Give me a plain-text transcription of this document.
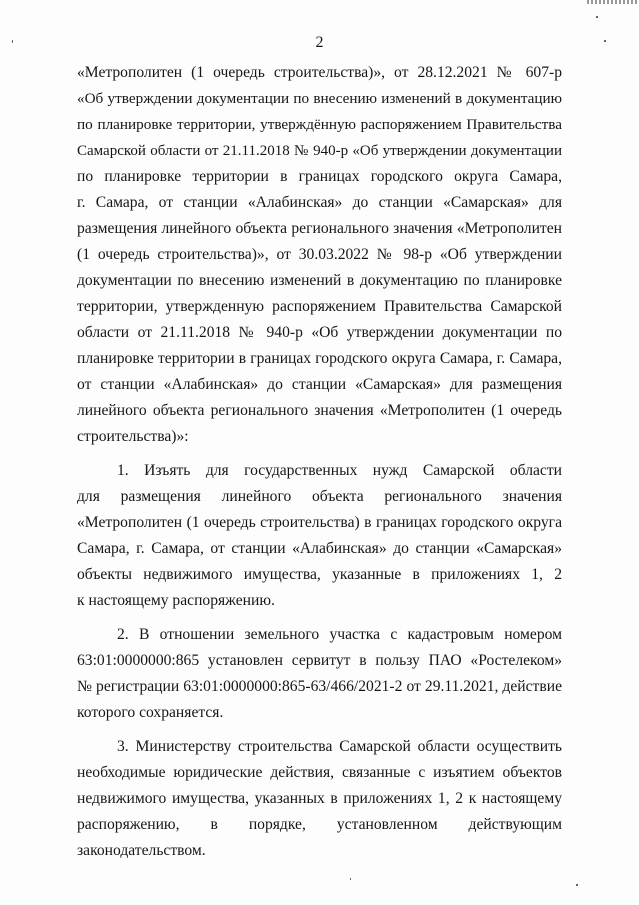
2
«Метрополитен (1 очередь строительства)», от 28.12.2021 № 607-р
«Об утверждении документации по внесению изменений в документацию
по планировке территории, утверждённую распоряжением Правительства
Самарской области от 21.11.2018 № 940-р «Об утверждении документации
по планировке территории в границах городского округа Самара,
г. Самара, от станции «Алабинская» до станции «Самарская» для
размещения линейного объекта регионального значения «Метрополитен
(1 очередь строительства)», от 30.03.2022 № 98-р «Об утверждении
документации по внесению изменений в документацию по планировке
территории, утвержденную распоряжением Правительства Самарской
области от 21.11.2018 № 940-р «Об утверждении документации по
планировке территории в границах городского округа Самара, г. Самара,
от станции «Алабинская» до станции «Самарская» для размещения
линейного объекта регионального значения «Метрополитен (1 очередь
строительства)»:
1. Изъять для государственных нужд Самарской области
для размещения линейного объекта регионального значения
«Метрополитен (1 очередь строительства) в границах городского округа
Самара, г. Самара, от станции «Алабинская» до станции «Самарская»
объекты недвижимого имущества, указанные в приложениях 1, 2
к настоящему распоряжению.
2. В отношении земельного участка с кадастровым номером
63:01:0000000:865 установлен сервитут в пользу ПАО «Ростелеком»
№ регистрации 63:01:0000000:865-63/466/2021-2 от 29.11.2021, действие
которого сохраняется.
3. Министерству строительства Самарской области осуществить
необходимые юридические действия, связанные с изъятием объектов
недвижимого имущества, указанных в приложениях 1, 2 к настоящему
распоряжению, в порядке, установленном действующим
законодательством.
